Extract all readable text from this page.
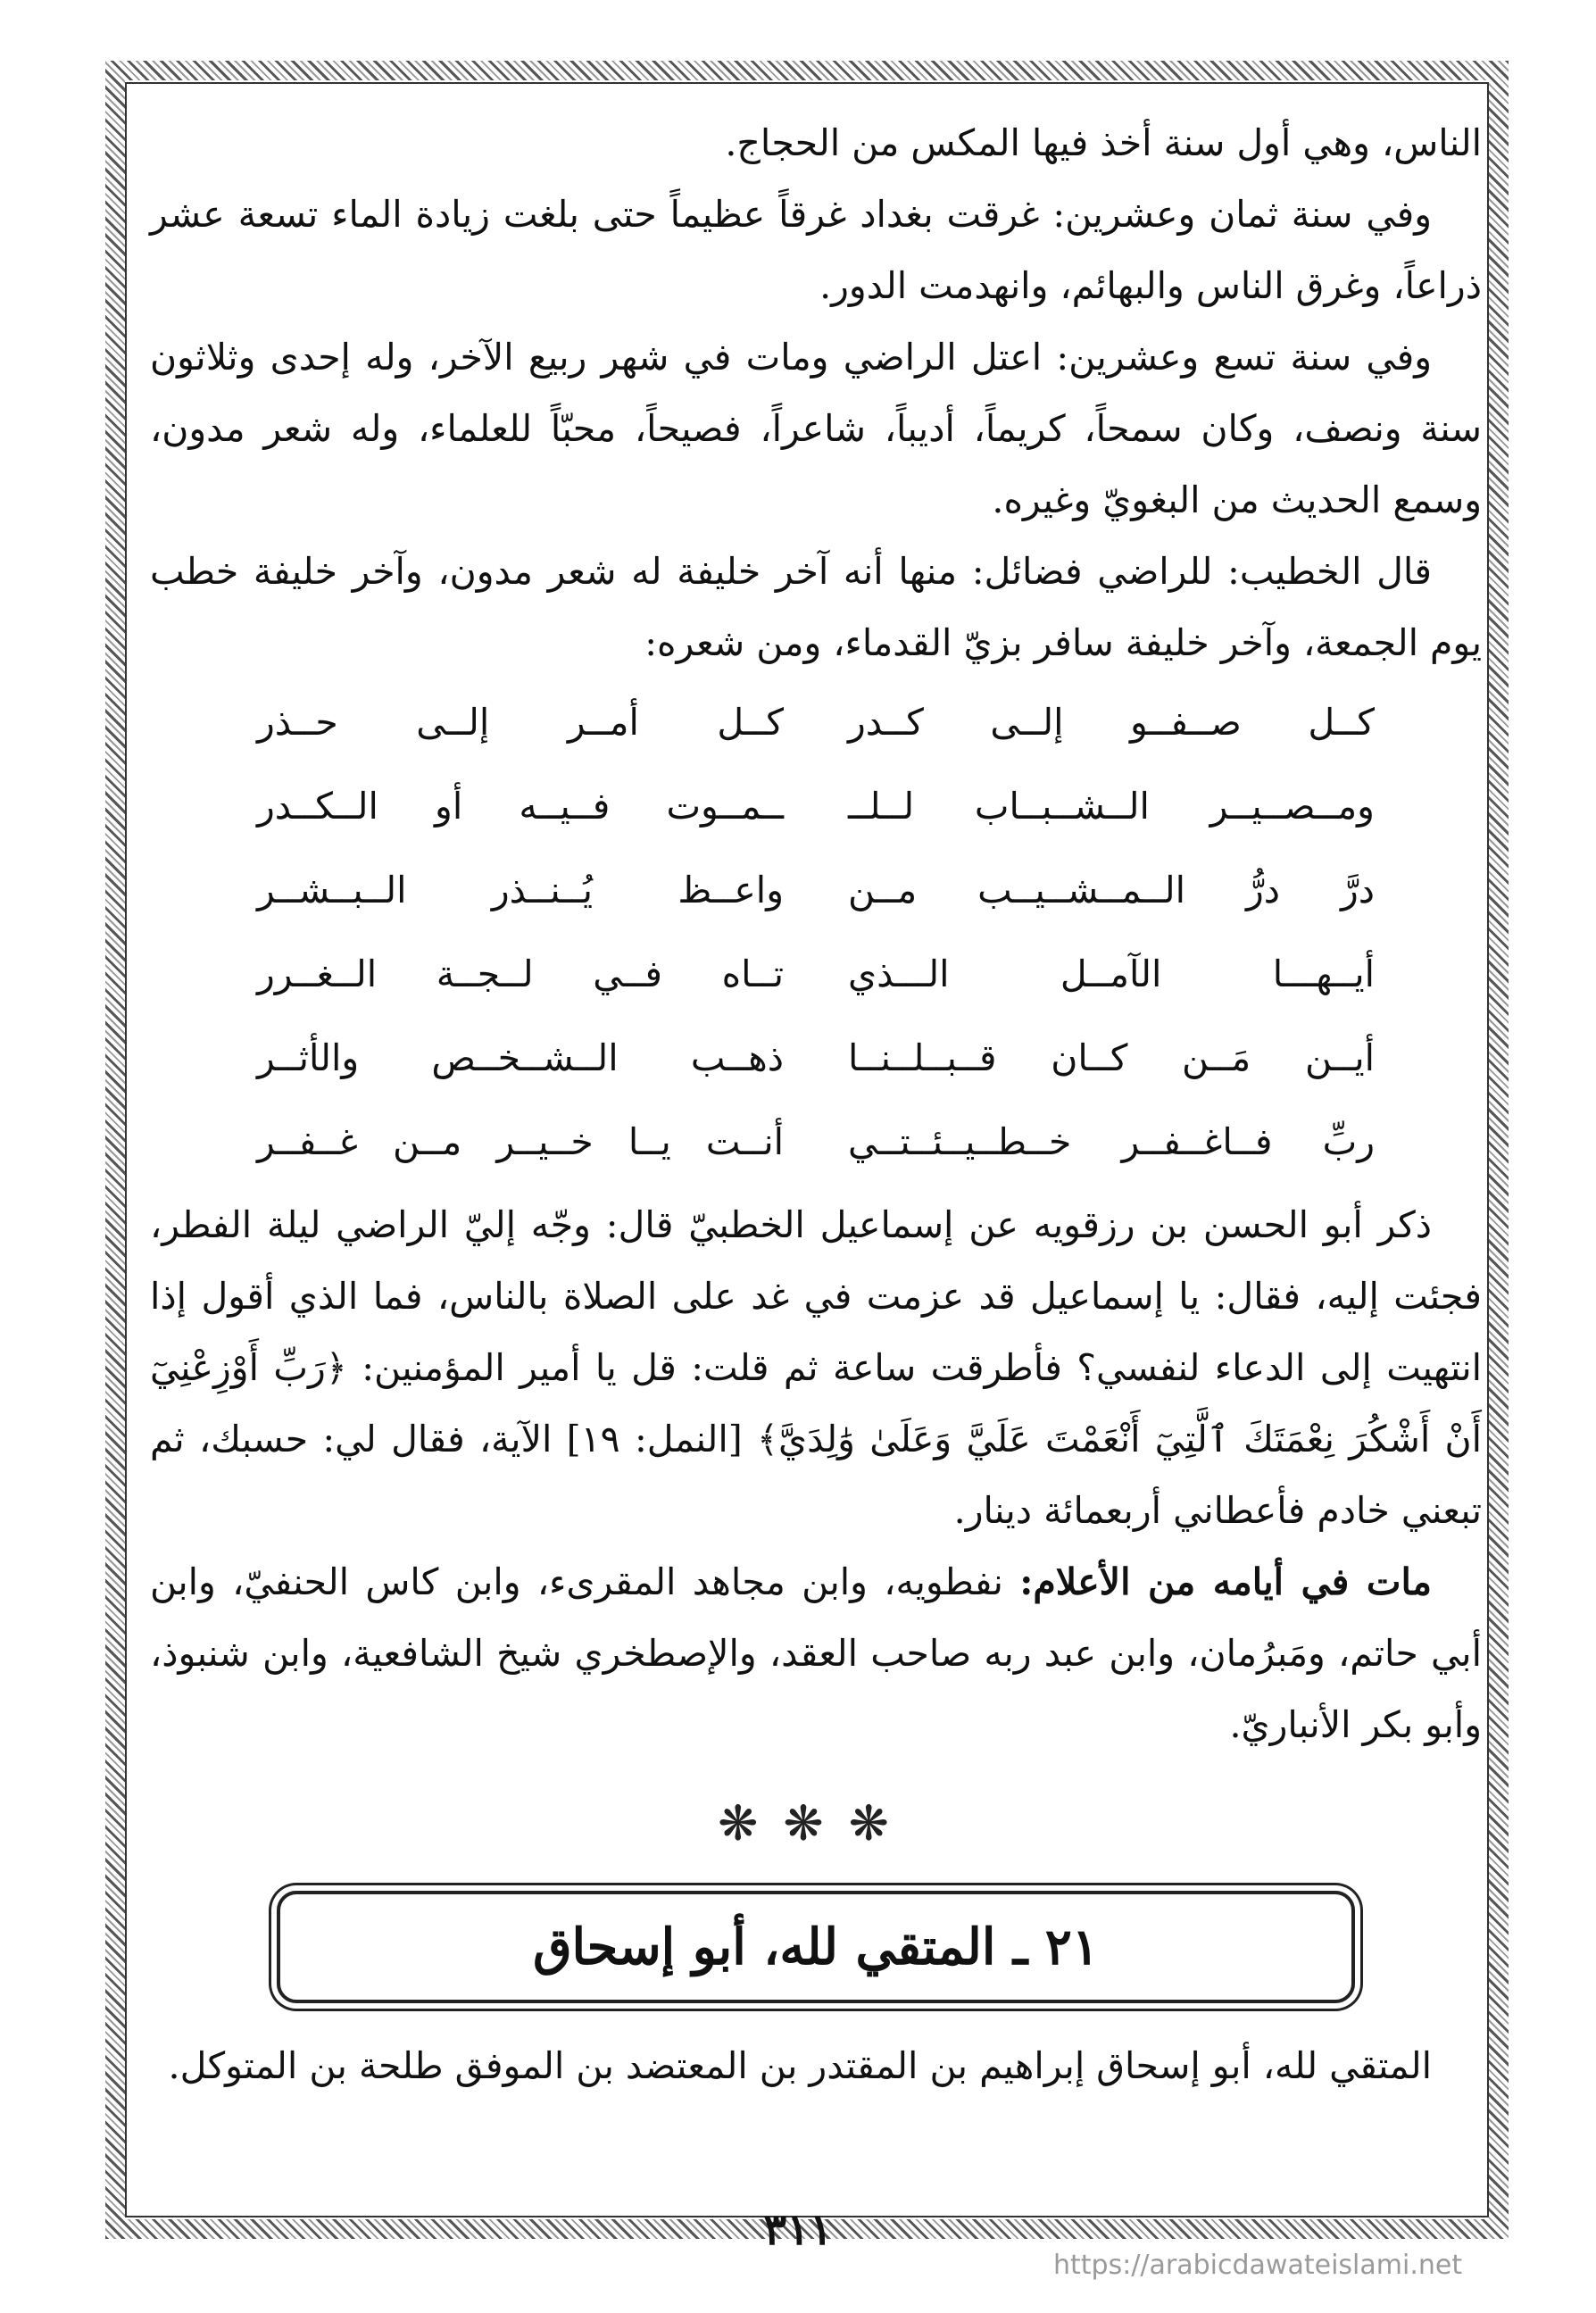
الناس، وهي أول سنة أخذ فيها المكس من الحجاج.

وفي سنة ثمان وعشرين: غرقت بغداد غرقاً عظيماً حتى بلغت زيادة الماء تسعة عشر ذراعاً، وغرق الناس والبهائم، وانهدمت الدور.

وفي سنة تسع وعشرين: اعتل الراضي ومات في شهر ربيع الآخر، وله إحدى وثلاثون سنة ونصف، وكان سمحاً، كريماً، أديباً، شاعراً، فصيحاً، محبّاً للعلماء، وله شعر مدون، وسمع الحديث من البغويّ وغيره.

قال الخطيب: للراضي فضائل: منها أنه آخر خليفة له شعر مدون، وآخر خليفة خطب يوم الجمعة، وآخر خليفة سافر بزيّ القدماء، ومن شعره:

كــل صــفــو إلــى كــدر
كــل أمــر إلــى حــذر
ومــصــيــر الــشــبــاب لــلــ
ــمــوت فــيــه أو الــكــدر
درَّ درُّ الــمــشــيــب مــن
واعــظ يُــنــذر الــبــشــر
أيــهـــا الآمــل الـــذي
تــاه فــي لــجــة الــغــرر
أيــن مَــن كــان قــبــلــنــا
ذهــب الــشــخــص والأثــر
ربِّ فــاغــفــر خــطــيــئــتــي
أنــت يــا خــيــر مــن غــفــر

ذكر أبو الحسن بن رزقويه عن إسماعيل الخطبيّ قال: وجّه إليّ الراضي ليلة الفطر، فجئت إليه، فقال: يا إسماعيل قد عزمت في غد على الصلاة بالناس، فما الذي أقول إذا انتهيت إلى الدعاء لنفسي؟ فأطرقت ساعة ثم قلت: قل يا أمير المؤمنين: ﴿رَبِّ أَوْزِعْنِيٓ أَنْ أَشْكُرَ نِعْمَتَكَ ٱلَّتِيٓ أَنْعَمْتَ عَلَيَّ وَعَلَىٰ وَٰلِدَيَّ﴾ [النمل: ١٩] الآية، فقال لي: حسبك، ثم تبعني خادم فأعطاني أربعمائة دينار.

مات في أيامه من الأعلام: نفطويه، وابن مجاهد المقرىء، وابن كاس الحنفيّ، وابن أبي حاتم، ومَبرُمان، وابن عبد ربه صاحب العقد، والإصطخري شيخ الشافعية، وابن شنبوذ، وأبو بكر الأنباريّ.

❋❋❋
٢١ ـ المتقي لله، أبو إسحاق

المتقي لله، أبو إسحاق إبراهيم بن المقتدر بن المعتضد بن الموفق طلحة بن المتوكل.

٣١١
https://arabicdawateislami.net
